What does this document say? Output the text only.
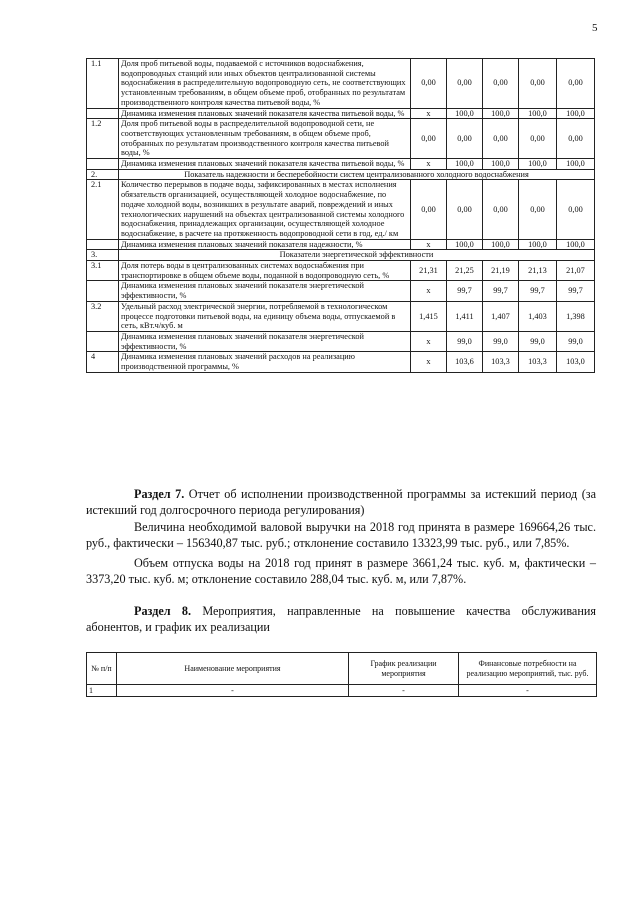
5
1.1	Доля проб питьевой воды, подаваемой с источников водоснабжения, водопроводных станций или иных объектов централизованной системы водоснабжения в распределительную водопроводную сеть, не соответствующих установленным требованиям, в общем объеме проб, отобранных по результатам производственного контроля качества питьевой воды, %	0,00	0,00	0,00	0,00	0,00
	Динамика изменения плановых значений показателя качества питьевой воды, %	х	100,0	100,0	100,0	100,0
1.2	Доля проб питьевой воды в распределительной водопроводной сети, не соответствующих установленным требованиям, в общем объеме проб, отобранных по результатам производственного контроля качества питьевой воды, %	0,00	0,00	0,00	0,00	0,00
	Динамика изменения плановых значений показателя качества питьевой воды, %	х	100,0	100,0	100,0	100,0
2.	Показатель надежности и бесперебойности систем централизованного холодного водоснабжения					
2.1	Количество перерывов в подаче воды, зафиксированных в местах исполнения обязательств организацией, осуществляющей холодное водоснабжение, по подаче холодной воды, возникших в результате аварий, повреждений и иных технологических нарушений на объектах централизованной системы холодного водоснабжения, принадлежащих организации, осуществляющей холодное водоснабжение, в расчете на протяженность водопроводной сети в год, ед./ км	0,00	0,00	0,00	0,00	0,00
	Динамика изменения плановых значений показателя надежности, %	х	100,0	100,0	100,0	100,0
3.	Показатели энергетической эффективности					
3.1	Доля потерь воды в централизованных системах водоснабжения при транспортировке в общем объеме воды, поданной в водопроводную сеть, %	21,31	21,25	21,19	21,13	21,07
	Динамика изменения плановых значений показателя энергетической эффективности, %	х	99,7	99,7	99,7	99,7
3.2	Удельный расход электрической энергии, потребляемой в технологическом процессе подготовки питьевой воды, на единицу объема воды, отпускаемой в сеть, кВт.ч/куб. м	1,415	1,411	1,407	1,403	1,398
	Динамика изменения плановых значений показателя энергетической эффективности, %	х	99,0	99,0	99,0	99,0
4	Динамика изменения плановых значений расходов на реализацию производственной программы, %	х	103,6	103,3	103,3	103,0

Раздел 7. Отчет об исполнении производственной программы за истекший период (за истекший год долгосрочного периода регулирования)

Величина необходимой валовой выручки на 2018 год принята в размере 169664,26 тыс. руб., фактически – 156340,87 тыс. руб.; отклонение составило 13323,99 тыс. руб., или 7,85%.

Объем отпуска воды на 2018 год принят в размере 3661,24 тыс. куб. м, фактически – 3373,20 тыс. куб. м; отклонение составило 288,04 тыс. куб. м, или 7,87%.

Раздел 8. Мероприятия, направленные на повышение качества обслуживания абонентов, и график их реализации

№ п/п	Наименование мероприятия	График реализации мероприятия	Финансовые потребности на реализацию мероприятий, тыс. руб.
1	-	-	-
